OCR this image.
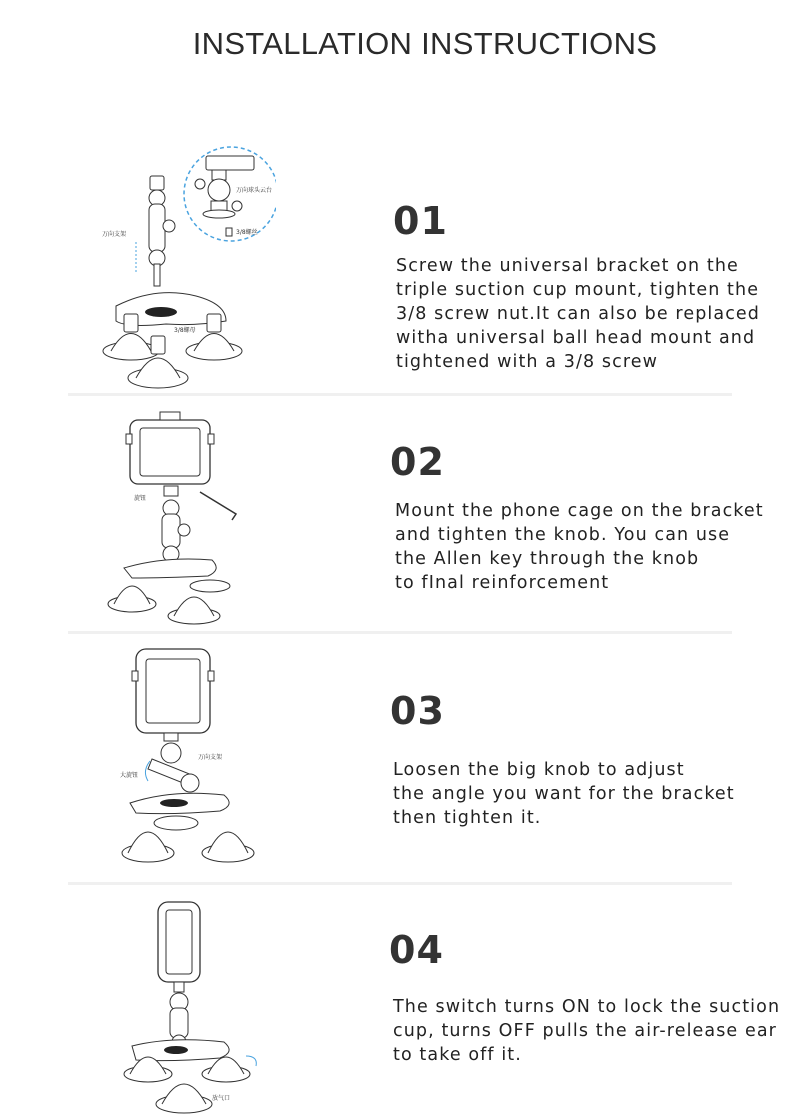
INSTALLATION INSTRUCTIONS
万向球头云台
3/8螺丝
万向支架
3/8螺母
01
Screw the universal bracket on the
triple suction cup mount, tighten the
3/8 screw nut.It can also be replaced
witha universal ball head mount and
tightened with a 3/8 screw
旋钮
02
Mount the phone cage on the bracket
and tighten the knob. You can use
the Allen key through the knob
to fInal reinforcement
万向支架
大旋钮
03
Loosen the big knob to adjust
the angle you want for the bracket
then tighten it.
放气口
04
The switch turns ON to lock the suction
cup, turns OFF pulls the air-release ear
to take off it.
